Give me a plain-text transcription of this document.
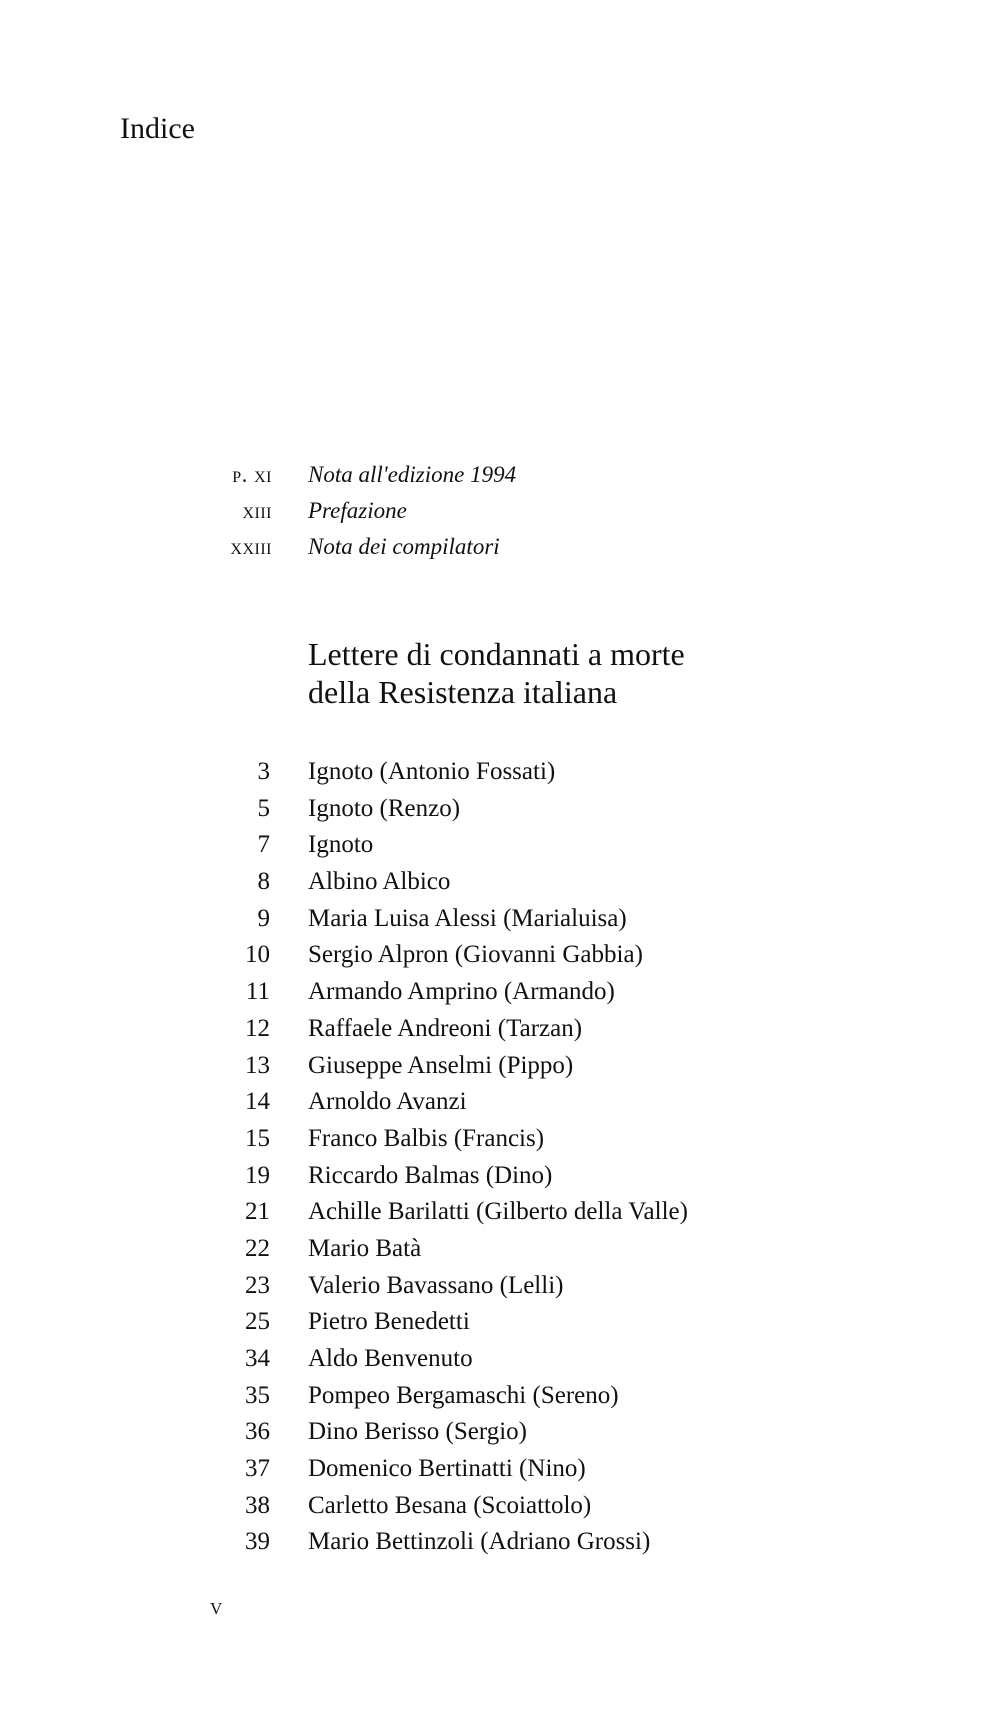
Indice
p. xi Nota all'edizione 1994
xiii Prefazione
xxiii Nota dei compilatori
Lettere di condannati a morte
della Resistenza italiana
3 Ignoto (Antonio Fossati)
5 Ignoto (Renzo)
7 Ignoto
8 Albino Albico
9 Maria Luisa Alessi (Marialuisa)
10 Sergio Alpron (Giovanni Gabbia)
11 Armando Amprino (Armando)
12 Raffaele Andreoni (Tarzan)
13 Giuseppe Anselmi (Pippo)
14 Arnoldo Avanzi
15 Franco Balbis (Francis)
19 Riccardo Balmas (Dino)
21 Achille Barilatti (Gilberto della Valle)
22 Mario Batà
23 Valerio Bavassano (Lelli)
25 Pietro Benedetti
34 Aldo Benvenuto
35 Pompeo Bergamaschi (Sereno)
36 Dino Berisso (Sergio)
37 Domenico Bertinatti (Nino)
38 Carletto Besana (Scoiattolo)
39 Mario Bettinzoli (Adriano Grossi)
v
